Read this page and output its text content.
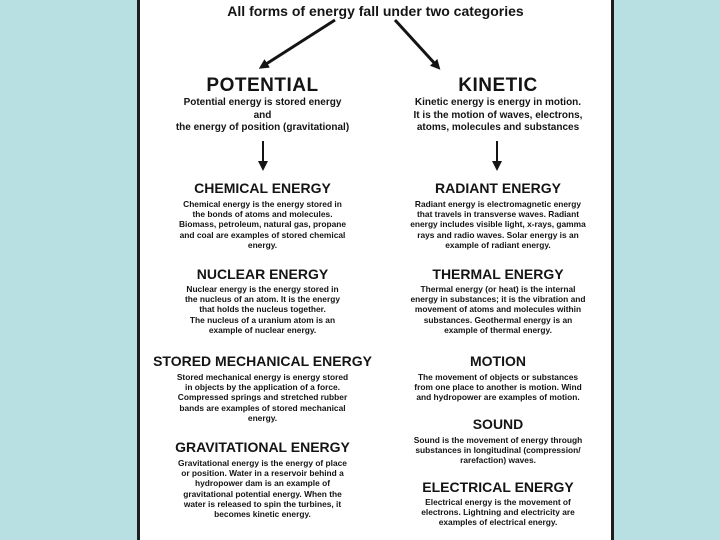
All forms of energy fall under two categories
POTENTIAL
Potential energy is stored energy
and
the energy of position (gravitational)
CHEMICAL ENERGY
Chemical energy is the energy stored in
the bonds of atoms and molecules.
Biomass, petroleum, natural gas, propane
and coal are examples of stored chemical
energy.
NUCLEAR ENERGY
Nuclear energy is the energy stored in
the nucleus of an atom. It is the energy
that holds the nucleus together.
The nucleus of a uranium atom is an
example of nuclear energy.
STORED MECHANICAL ENERGY
Stored mechanical energy is energy stored
in objects by the application of a force.
Compressed springs and stretched rubber
bands are examples of stored mechanical
energy.
GRAVITATIONAL ENERGY
Gravitational energy is the energy of place
or position. Water in a reservoir behind a
hydropower dam is an example of
gravitational potential energy. When the
water is released to spin the turbines, it
becomes kinetic energy.
KINETIC
Kinetic energy is energy in motion.
It is the motion of waves, electrons,
atoms, molecules and substances
RADIANT ENERGY
Radiant energy is electromagnetic energy
that travels in transverse waves. Radiant
energy includes visible light, x-rays, gamma
rays and radio waves. Solar energy is an
example of radiant energy.
THERMAL ENERGY
Thermal energy (or heat) is the internal
energy in substances; it is the vibration and
movement of atoms and molecules within
substances. Geothermal energy is an
example of thermal energy.
MOTION
The movement of objects or substances
from one place to another is motion. Wind
and hydropower are examples of motion.
SOUND
Sound is the movement of energy through
substances in longitudinal (compression/
rarefaction) waves.
ELECTRICAL ENERGY
Electrical energy is the movement of
electrons. Lightning and electricity are
examples of electrical energy.
